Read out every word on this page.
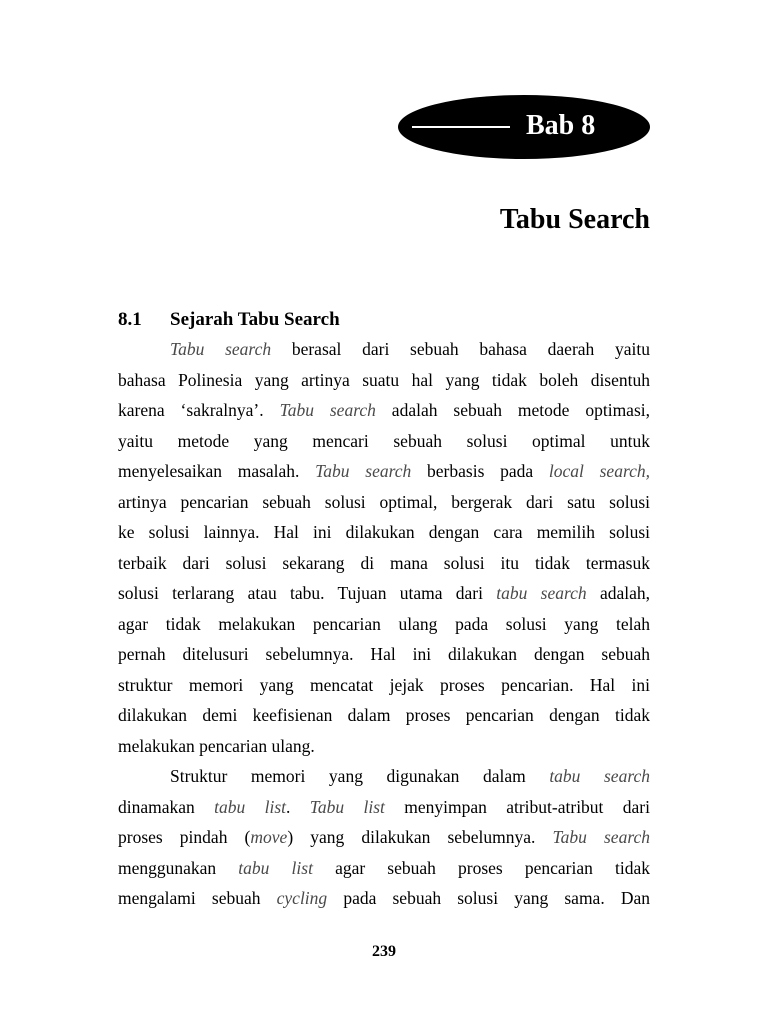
Bab 8
Tabu Search
8.1 Sejarah Tabu Search
Tabu search berasal dari sebuah bahasa daerah yaitu
bahasa Polinesia yang artinya suatu hal yang tidak boleh disentuh
karena ‘sakralnya’. Tabu search adalah sebuah metode optimasi,
yaitu metode yang mencari sebuah solusi optimal untuk
menyelesaikan masalah. Tabu search berbasis pada local search,
artinya pencarian sebuah solusi optimal, bergerak dari satu solusi
ke solusi lainnya. Hal ini dilakukan dengan cara memilih solusi
terbaik dari solusi sekarang di mana solusi itu tidak termasuk
solusi terlarang atau tabu. Tujuan utama dari tabu search adalah,
agar tidak melakukan pencarian ulang pada solusi yang telah
pernah ditelusuri sebelumnya. Hal ini dilakukan dengan sebuah
struktur memori yang mencatat jejak proses pencarian. Hal ini
dilakukan demi keefisienan dalam proses pencarian dengan tidak
melakukan pencarian ulang.
Struktur memori yang digunakan dalam tabu search
dinamakan tabu list. Tabu list menyimpan atribut-atribut dari
proses pindah (move) yang dilakukan sebelumnya. Tabu search
menggunakan tabu list agar sebuah proses pencarian tidak
mengalami sebuah cycling pada sebuah solusi yang sama. Dan
239
